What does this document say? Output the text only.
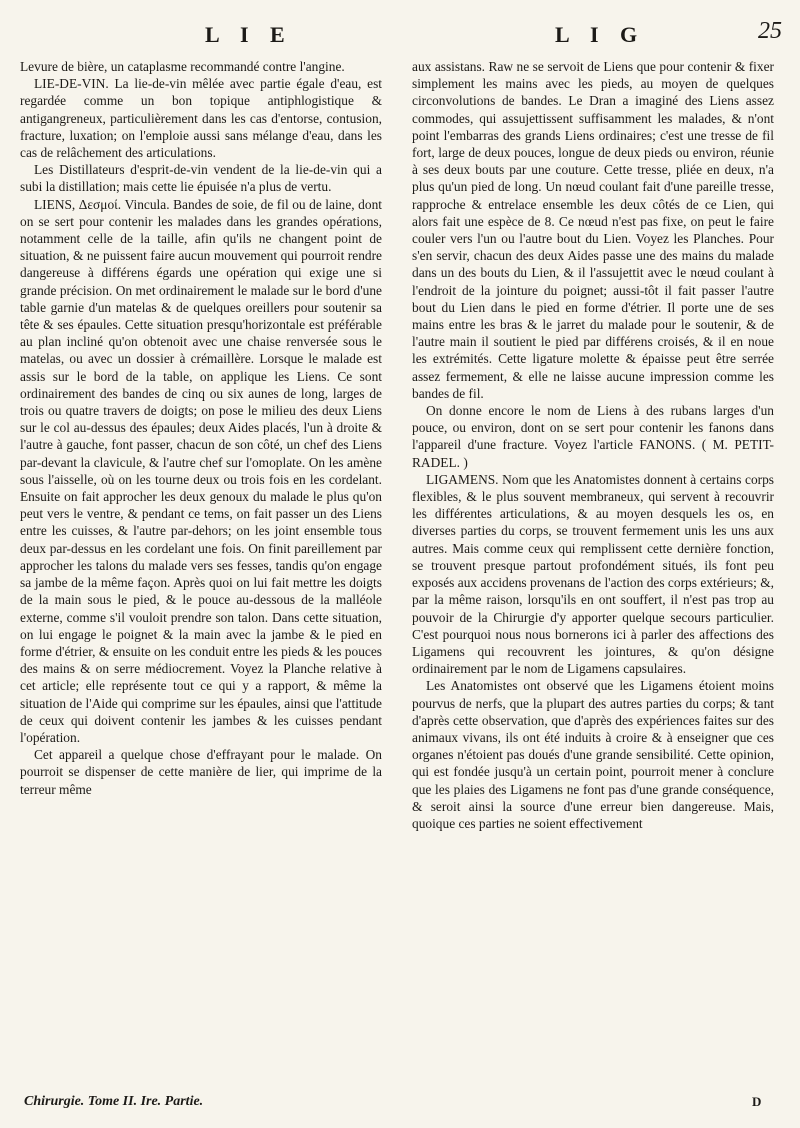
L I E	L I G	25

Levure de bière, un cataplasme recommandé contre l'angine.

LIE-DE-VIN. La lie-de-vin mêlée avec partie égale d'eau, est regardée comme un bon topique antiphlogistique & antigangreneux, particulièrement dans les cas d'entorse, contusion, fracture, luxation; on l'emploie aussi sans mélange d'eau, dans les cas de relâchement des articulations.

Les Distillateurs d'esprit-de-vin vendent de la lie-de-vin qui a subi la distillation; mais cette lie épuisée n'a plus de vertu.

LIENS, Δεσμοί. Vincula. Bandes de soie, de fil ou de laine, dont on se sert pour contenir les malades dans les grandes opérations, notamment celle de la taille, afin qu'ils ne changent point de situation, & ne puissent faire aucun mouvement qui pourroit rendre dangereuse à différens égards une opération qui exige une si grande précision. On met ordinairement le malade sur le bord d'une table garnie d'un matelas & de quelques oreillers pour soutenir sa tête & ses épaules. Cette situation presqu'horizontale est préférable au plan incliné qu'on obtenoit avec une chaise renversée sous le matelas, ou avec un dossier à crémaillère. Lorsque le malade est assis sur le bord de la table, on applique les Liens. Ce sont ordinairement des bandes de cinq ou six aunes de long, larges de trois ou quatre travers de doigts; on pose le milieu des deux Liens sur le col au-dessus des épaules; deux Aides placés, l'un à droite & l'autre à gauche, font passer, chacun de son côté, un chef des Liens par-devant la clavicule, & l'autre chef sur l'omoplate. On les amène sous l'aisselle, où on les tourne deux ou trois fois en les cordelant. Ensuite on fait approcher les deux genoux du malade le plus qu'on peut vers le ventre, & pendant ce tems, on fait passer un des Liens entre les cuisses, & l'autre par-dehors; on les joint ensemble tous deux par-dessus en les cordelant une fois. On finit pareillement par approcher les talons du malade vers ses fesses, tandis qu'on engage sa jambe de la même façon. Après quoi on lui fait mettre les doigts de la main sous le pied, & le pouce au-dessous de la malléole externe, comme s'il vouloit prendre son talon. Dans cette situation, on lui engage le poignet & la main avec la jambe & le pied en forme d'étrier, & ensuite on les conduit entre les pieds & les pouces des mains & on serre médiocrement. Voyez la Planche relative à cet article; elle représente tout ce qui y a rapport, & même la situation de l'Aide qui comprime sur les épaules, ainsi que l'attitude de ceux qui doivent contenir les jambes & les cuisses pendant l'opération.

Cet appareil a quelque chose d'effrayant pour le malade. On pourroit se dispenser de cette manière de lier, qui imprime de la terreur même

aux assistans. Raw ne se servoit de Liens que pour contenir & fixer simplement les mains avec les pieds, au moyen de quelques circonvolutions de bandes. Le Dran a imaginé des Liens assez commodes, qui assujettissent suffisamment les malades, & n'ont point l'embarras des grands Liens ordinaires; c'est une tresse de fil fort, large de deux pouces, longue de deux pieds ou environ, réunie à ses deux bouts par une couture. Cette tresse, pliée en deux, n'a plus qu'un pied de long. Un nœud coulant fait d'une pareille tresse, rapproche & entrelace ensemble les deux côtés de ce Lien, qui alors fait une espèce de 8. Ce nœud n'est pas fixe, on peut le faire couler vers l'un ou l'autre bout du Lien. Voyez les Planches. Pour s'en servir, chacun des deux Aides passe une des mains du malade dans un des bouts du Lien, & il l'assujettit avec le nœud coulant à l'endroit de la jointure du poignet; aussi-tôt il fait passer l'autre bout du Lien dans le pied en forme d'étrier. Il porte une de ses mains entre les bras & le jarret du malade pour le soutenir, & de l'autre main il soutient le pied par différens croisés, & il en noue les extrémités. Cette ligature molette & épaisse peut être serrée assez fermement, & elle ne laisse aucune impression comme les bandes de fil.

On donne encore le nom de Liens à des rubans larges d'un pouce, ou environ, dont on se sert pour contenir les fanons dans l'appareil d'une fracture. Voyez l'article FANONS. ( M. PETIT-RADEL. )

LIGAMENS. Nom que les Anatomistes donnent à certains corps flexibles, & le plus souvent membraneux, qui servent à recouvrir les différentes articulations, & au moyen desquels les os, en diverses parties du corps, se trouvent fermement unis les uns aux autres. Mais comme ceux qui remplissent cette dernière fonction, se trouvent presque partout profondément situés, ils font peu exposés aux accidens provenans de l'action des corps extérieurs; &, par la même raison, lorsqu'ils en ont souffert, il n'est pas trop au pouvoir de la Chirurgie d'y apporter quelque secours particulier. C'est pourquoi nous nous bornerons ici à parler des affections des Ligamens qui recouvrent les jointures, & qu'on désigne ordinairement par le nom de Ligamens capsulaires.

Les Anatomistes ont observé que les Ligamens étoient moins pourvus de nerfs, que la plupart des autres parties du corps; & tant d'après cette observation, que d'après des expériences faites sur des animaux vivans, ils ont été induits à croire & à enseigner que ces organes n'étoient pas doués d'une grande sensibilité. Cette opinion, qui est fondée jusqu'à un certain point, pourroit mener à conclure que les plaies des Ligamens ne font pas d'une grande conséquence, & seroit ainsi la source d'une erreur bien dangereuse. Mais, quoique ces parties ne soient effectivement

Chirurgie. Tome II. Ire. Partie.	D
